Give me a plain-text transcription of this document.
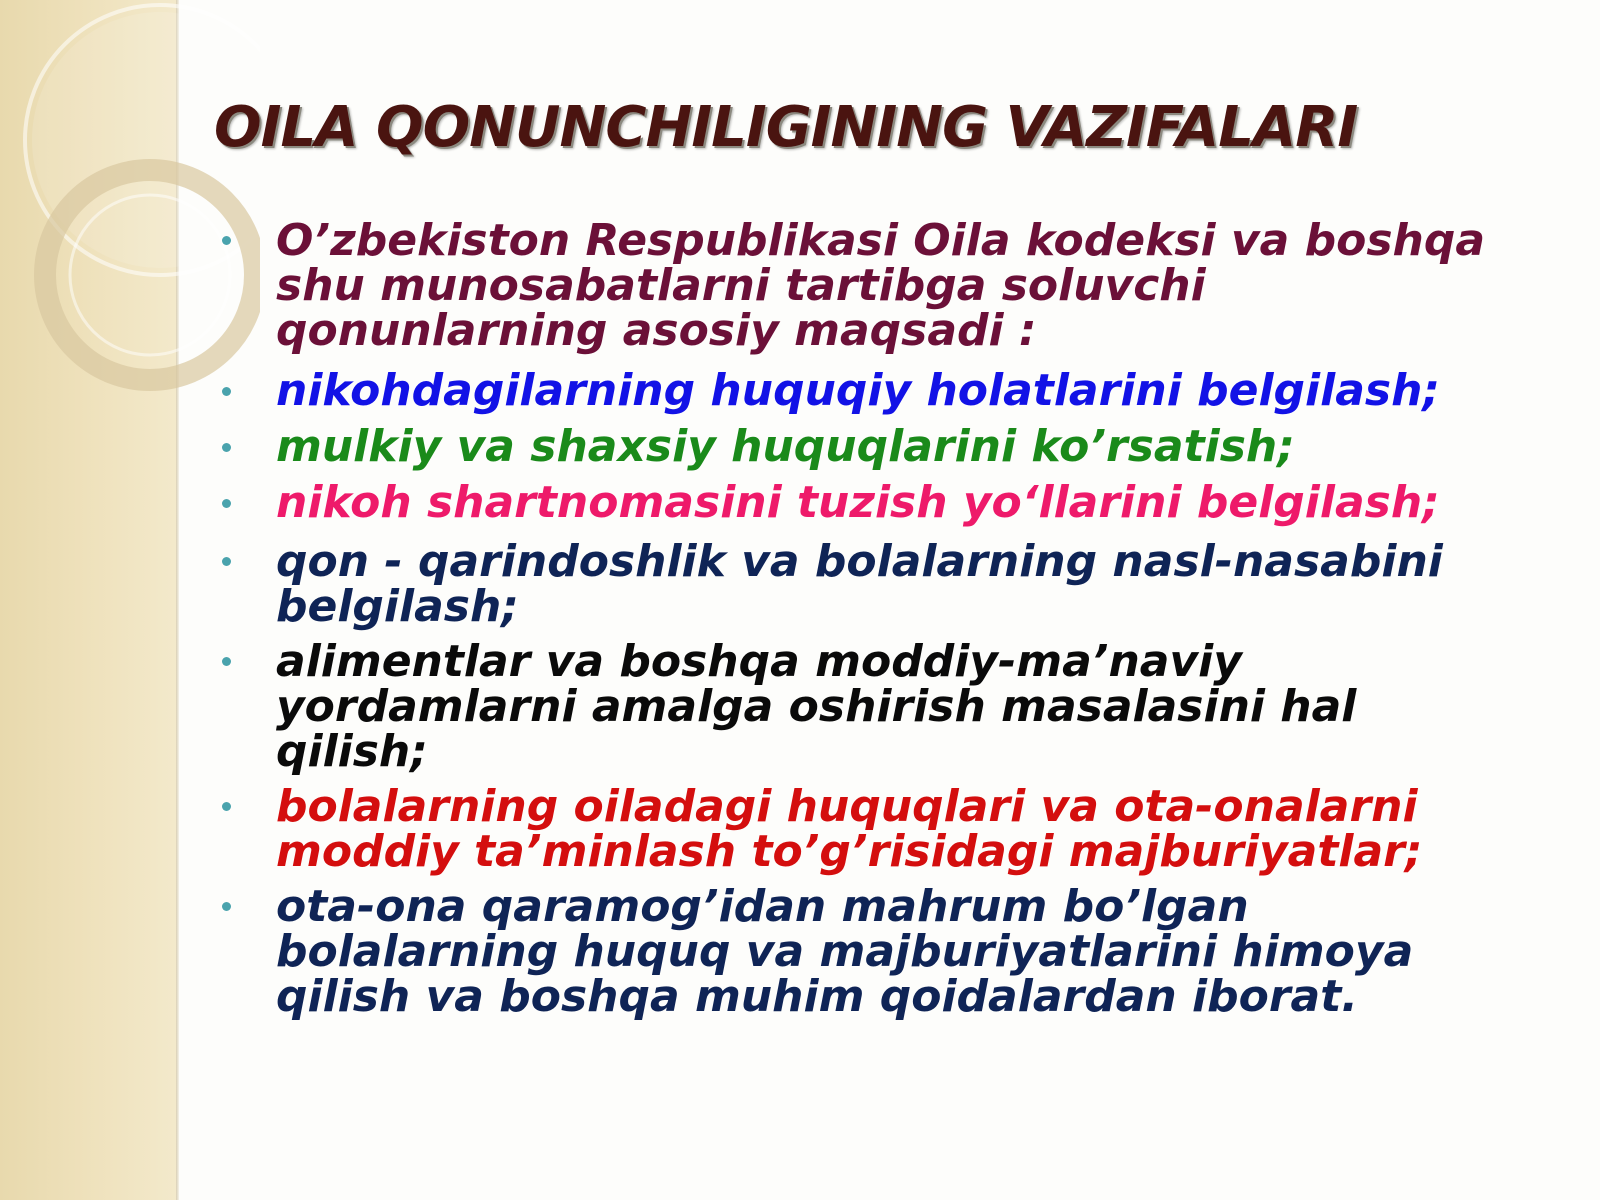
OILA QONUNCHILIGINING VAZIFALARI
O’zbekiston Respublikasi Oila kodeksi va boshqa shu munosabatlarni tartibga soluvchi qonunlarning asosiy maqsadi :
nikohdagilarning huquqiy holatlarini belgilash;
mulkiy va shaxsiy huquqlarini ko’rsatish;
nikoh shartnomasini tuzish yo‘llarini belgilash;
qon - qarindoshlik va bolalarning nasl-nasabini belgilash;
alimentlar va boshqa moddiy-ma’naviy yordamlarni amalga oshirish masalasini hal qilish;
bolalarning oiladagi huquqlari va ota-onalarni moddiy ta’minlash to’g’risidagi majburiyatlar;
ota-ona qaramog’idan mahrum bo’lgan bolalarning huquq va majburiyatlarini himoya qilish va boshqa muhim qoidalardan iborat.
